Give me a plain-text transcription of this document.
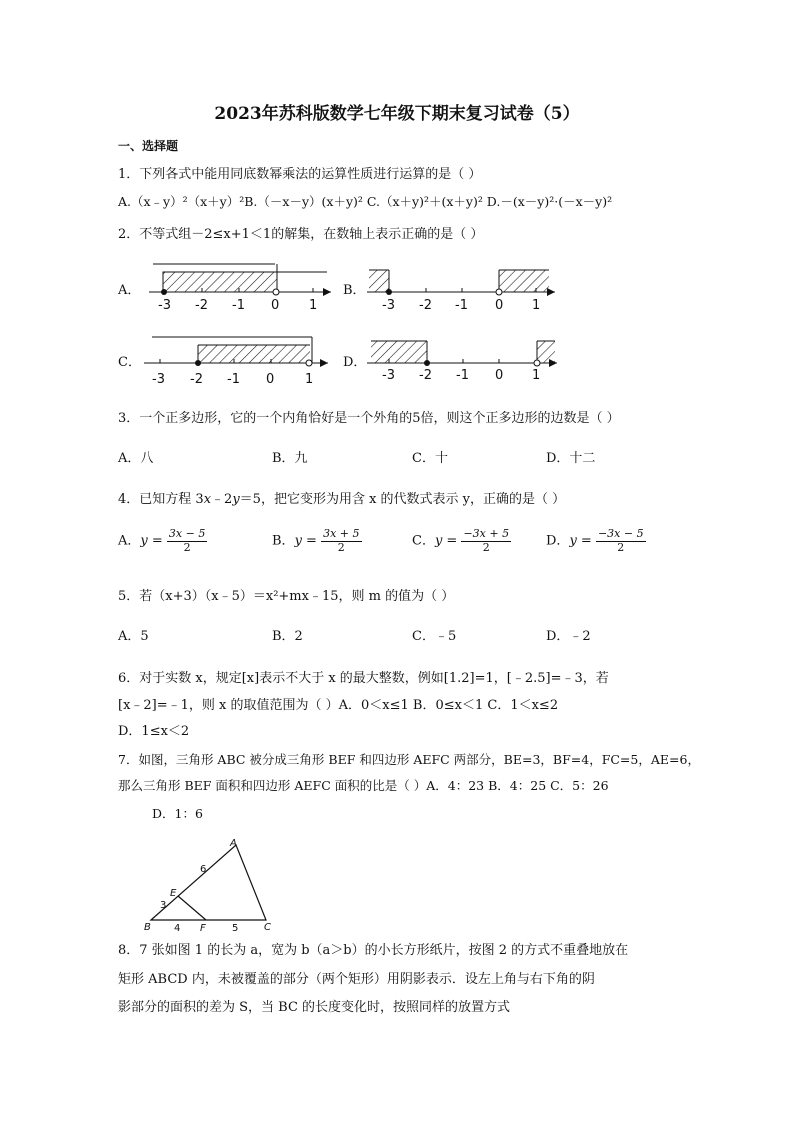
2023年苏科版数学七年级下期末复习试卷（5）
一、选择题
1．下列各式中能用同底数幂乘法的运算性质进行运算的是（ ）
A.（x﹣y）²（x＋y）²B.（－x－y）(x＋y)² C.（x＋y)²＋(x＋y)² D.－(x－y)²·(－x－y)²
2．不等式组－2≤x+1＜1的解集，在数轴上表示正确的是（ ）
A．
-3 -2 -1 0 1
B．
-3 -2 -1 0 1
C．
-3 -2 -1 0 1
D．
-3 -2 -1 0 1
3．一个正多边形，它的一个内角恰好是一个外角的5倍，则这个正多边形的边数是（ ）
A．八	B．九	C．十	D．十二
4．已知方程 3x﹣2y＝5，把它变形为用含 x 的代数式表示 y，正确的是（ ）
A．$y = \frac{3x - 5}{2}$	B．$y = \frac{3x + 5}{2}$	C．$y = \frac{-3x + 5}{2}$	D．$y = \frac{-3x - 5}{2}$
5．若（x+3）（x﹣5）＝x²+mx﹣15，则 m 的值为（ ）
A．5	B．2	C．﹣5	D．﹣2
6．对于实数 x，规定[x]表示不大于 x 的最大整数，例如[1.2]=1，[﹣2.5]=﹣3，若
[x﹣2]=﹣1，则 x 的取值范围为（ ）A．0＜x≤1 B．0≤x＜1 C．1＜x≤2
D．1≤x＜2
7．如图，三角形 ABC 被分成三角形 BEF 和四边形 AEFC 两部分，BE=3，BF=4，FC=5，AE=6，
那么三角形 BEF 面积和四边形 AEFC 面积的比是（ ）A．4：23 B．4：25 C．5：26
D．1：6
A
B	C
E
F
6
3
4	5
8．7 张如图 1 的长为 a，宽为 b（a＞b）的小长方形纸片，按图 2 的方式不重叠地放在
矩形 ABCD 内，未被覆盖的部分（两个矩形）用阴影表示．设左上角与右下角的阴
影部分的面积的差为 S，当 BC 的长度变化时，按照同样的放置方式
